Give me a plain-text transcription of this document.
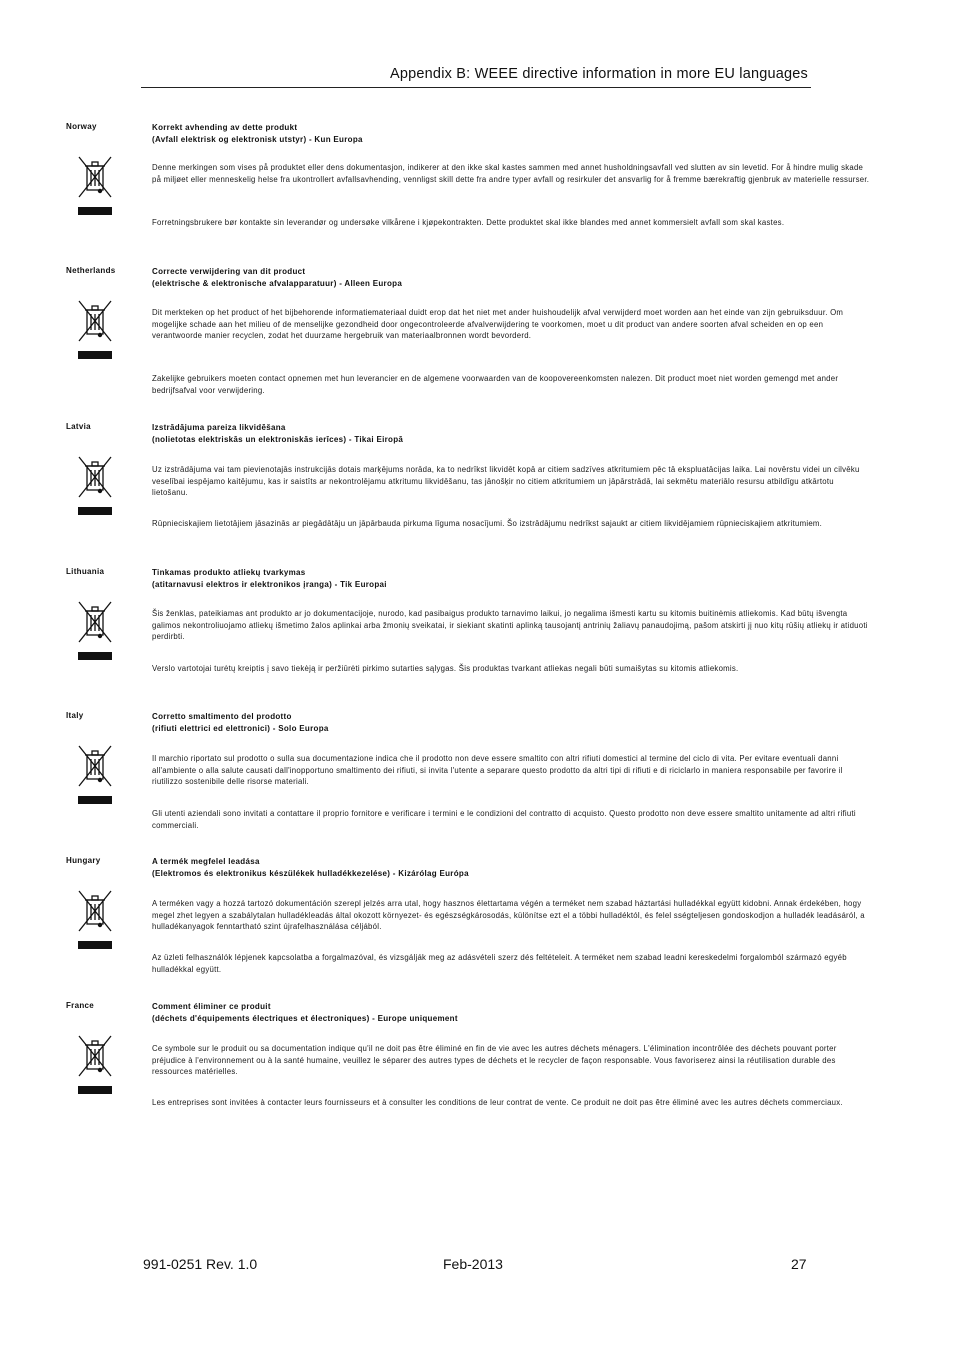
Appendix B: WEEE directive information in more EU languages
Norway	Korrekt avhending av dette produkt
(Avfall elektrisk og elektronisk utstyr) - Kun Europa
Denne merkingen som vises på produktet eller dens dokumentasjon, indikerer at den ikke skal kastes sammen med annet husholdningsavfall ved slutten av sin levetid. For å hindre mulig skade på miljøet eller menneskelig helse fra ukontrollert avfallsavhending, vennligst skill dette fra andre typer avfall og resirkuler det ansvarlig for å fremme bærekraftig gjenbruk av materielle ressurser.
Forretningsbrukere bør kontakte sin leverandør og undersøke vilkårene i kjøpekontrakten. Dette produktet skal ikke blandes med annet kommersielt avfall som skal kastes.
Netherlands	Correcte verwijdering van dit product
(elektrische & elektronische afvalapparatuur) - Alleen Europa
Dit merkteken op het product of het bijbehorende informatiemateriaal duidt erop dat het niet met ander huishoudelijk afval verwijderd moet worden aan het einde van zijn gebruiksduur. Om mogelijke schade aan het milieu of de menselijke gezondheid door ongecontroleerde afvalverwijdering te voorkomen, moet u dit product van andere soorten afval scheiden en op een verantwoorde manier recyclen, zodat het duurzame hergebruik van materiaalbronnen wordt bevorderd.
Zakelijke gebruikers moeten contact opnemen met hun leverancier en de algemene voorwaarden van de koopovereenkomsten nalezen. Dit product moet niet worden gemengd met ander bedrijfsafval voor verwijdering.
Latvia	Izstrādājuma pareiza likvidēšana
(nolietotas elektriskās un elektroniskās ierīces) - Tikai Eiropā
Uz izstrādājuma vai tam pievienotajās instrukcijās dotais marķējums norāda, ka to nedrīkst likvidēt kopā ar citiem sadzīves atkritumiem pēc tā ekspluatācijas laika. Lai novērstu videi un cilvēku veselībai iespējamo kaitējumu, kas ir saistīts ar nekontrolējamu atkritumu likvidēšanu, tas jānošķir no citiem atkritumiem un jāpārstrādā, lai sekmētu materiālo resursu atbildīgu atkārtotu lietošanu.
Rūpnieciskajiem lietotājiem jāsazinās ar piegādātāju un jāpārbauda pirkuma līguma nosacījumi. Šo izstrādājumu nedrīkst sajaukt ar citiem likvidējamiem rūpnieciskajiem atkritumiem.
Lithuania	Tinkamas produkto atliekų tvarkymas
(atitarnavusi elektros ir elektronikos įranga) - Tik Europai
Šis ženklas, pateikiamas ant produkto ar jo dokumentacijoje, nurodo, kad pasibaigus produkto tarnavimo laikui, jo negalima išmesti kartu su kitomis buitinėmis atliekomis. Kad būtų išvengta galimos nekontroliuojamo atliekų išmetimo žalos aplinkai arba žmonių sveikatai, ir siekiant skatinti aplinką tausojantį antrinių žaliavų panaudojimą, pašom atskirti jį nuo kitų rūšių atliekų ir atiduoti perdirbti.
Verslo vartotojai turėtų kreiptis į savo tiekėją ir peržiūrėti pirkimo sutarties sąlygas. Šis produktas tvarkant atliekas negali būti sumaišytas su kitomis atliekomis.
Italy	Corretto smaltimento del prodotto
(rifiuti elettrici ed elettronici) - Solo Europa
Il marchio riportato sul prodotto o sulla sua documentazione indica che il prodotto non deve essere smaltito con altri rifiuti domestici al termine del ciclo di vita. Per evitare eventuali danni all'ambiente o alla salute causati dall'inopportuno smaltimento dei rifiuti, si invita l'utente a separare questo prodotto da altri tipi di rifiuti e di riciclarlo in maniera responsabile per favorire il riutilizzo sostenibile delle risorse materiali.
Gli utenti aziendali sono invitati a contattare il proprio fornitore e verificare i termini e le condizioni del contratto di acquisto. Questo prodotto non deve essere smaltito unitamente ad altri rifiuti commerciali.
Hungary	A termék megfelel leadása
(Elektromos és elektronikus készülékek hulladékkezelése) - Kizárólag Európa
A terméken vagy a hozzá tartozó dokumentáción szerepl jelzés arra utal, hogy hasznos élettartama végén a terméket nem szabad háztartási hulladékkal együtt kidobni. Annak érdekében, hogy megel zhet legyen a szabálytalan hulladékleadás által okozott környezet- és egészségkárosodás, különítse ezt el a többi hulladéktól, és felel sségteljesen gondoskodjon a hulladék leadásáról, a hulladékanyagok fenntartható szint újrafelhasználása céljából.
Az üzleti felhasználók lépjenek kapcsolatba a forgalmazóval, és vizsgálják meg az adásvételi szerz dés feltételeit. A terméket nem szabad leadni kereskedelmi forgalomból származó egyéb hulladékkal együtt.
France	Comment éliminer ce produit
(déchets d'équipements électriques et électroniques) - Europe uniquement
Ce symbole sur le produit ou sa documentation indique qu'il ne doit pas être éliminé en fin de vie avec les autres déchets ménagers. L'élimination incontrôlée des déchets pouvant porter préjudice à l'environnement ou à la santé humaine, veuillez le séparer des autres types de déchets et le recycler de façon responsable. Vous favoriserez ainsi la réutilisation durable des ressources matérielles.
Les entreprises sont invitées à contacter leurs fournisseurs et à consulter les conditions de leur contrat de vente. Ce produit ne doit pas être éliminé avec les autres déchets commerciaux.
991-0251 Rev. 1.0	Feb-2013	27
